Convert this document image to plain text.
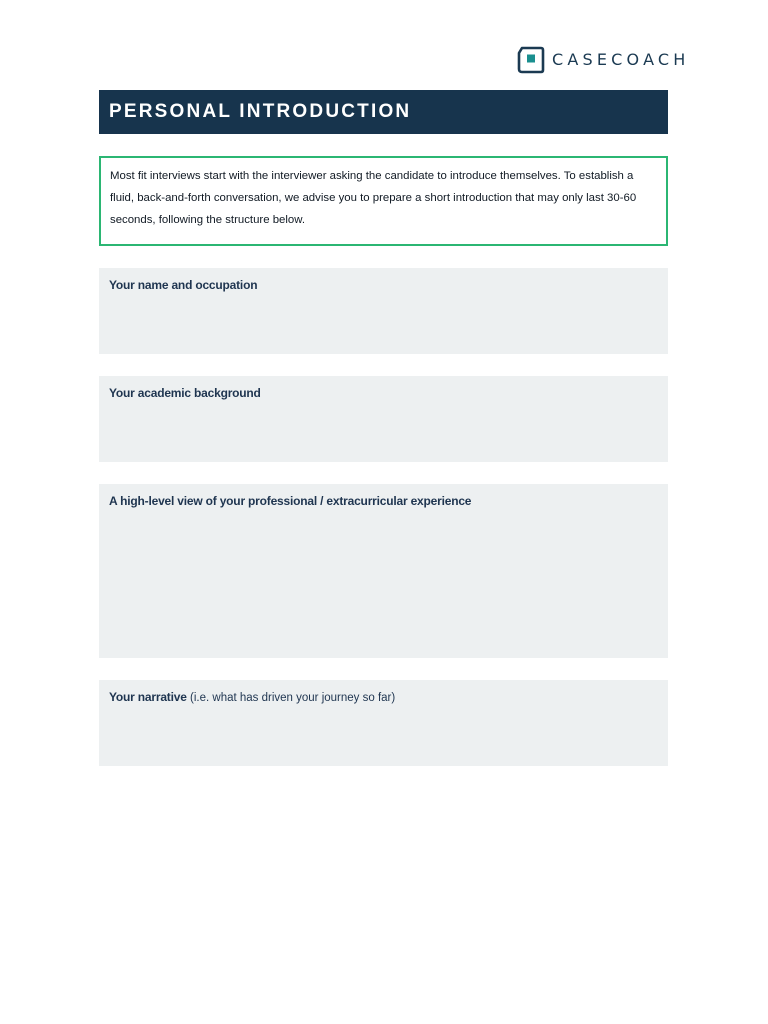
CASECOACH
PERSONAL INTRODUCTION

Most fit interviews start with the interviewer asking the candidate to introduce themselves. To establish a fluid, back-and-forth conversation, we advise you to prepare a short introduction that may only last 30-60 seconds, following the structure below.

Your name and occupation
Your academic background
A high-level view of your professional / extracurricular experience
Your narrative (i.e. what has driven your journey so far)
